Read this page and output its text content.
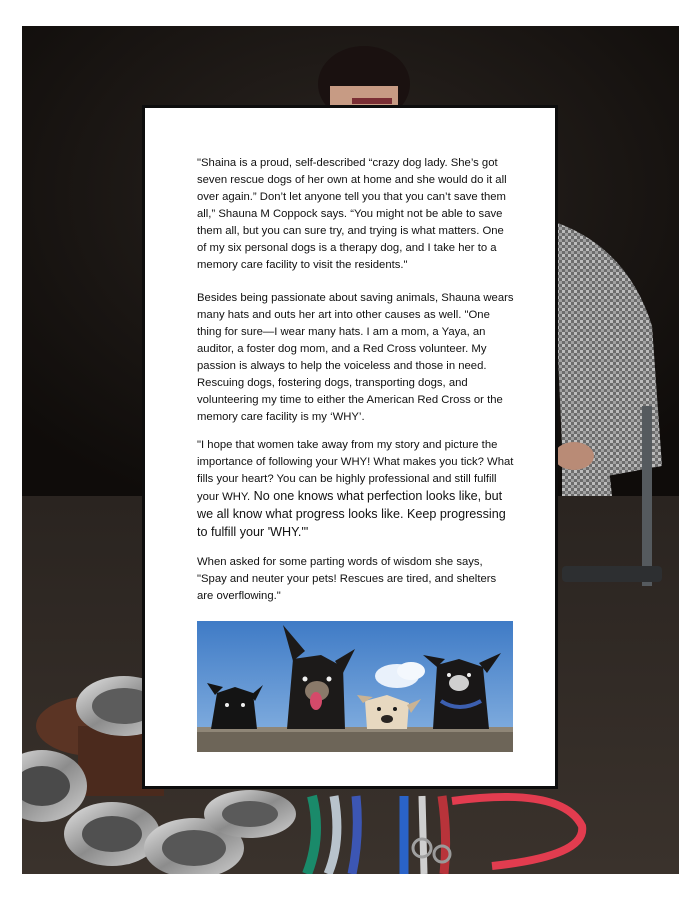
"Shaina is a proud, self-described “crazy dog lady. She’s got seven rescue dogs of her own at home and she would do it all over again.” Don’t let anyone tell you that you can’t save them all,” Shauna M Coppock says. “You might not be able to save them all, but you can sure try, and trying is what matters. One of my six personal dogs is a therapy dog, and I take her to a memory care facility to visit the residents."

Besides being passionate about saving animals, Shauna wears many hats and outs her art into other causes as well. "One thing for sure—I wear many hats. I am a mom, a Yaya, an auditor, a foster dog mom, and a Red Cross volunteer. My passion is always to help the voiceless and those in need. Rescuing dogs, fostering dogs, transporting dogs, and volunteering my time to either the American Red Cross or the memory care facility is my ‘WHY’.

"I hope that women take away from my story and picture the importance of following your WHY! What makes you tick? What fills your heart? You can be highly professional and still fulfill your WHY. No one knows what perfection looks like, but we all know what progress looks like. Keep progressing to fulfill your 'WHY.'"

When asked for some parting words of wisdom she says, "Spay and neuter your pets! Rescues are tired, and shelters are overflowing."
